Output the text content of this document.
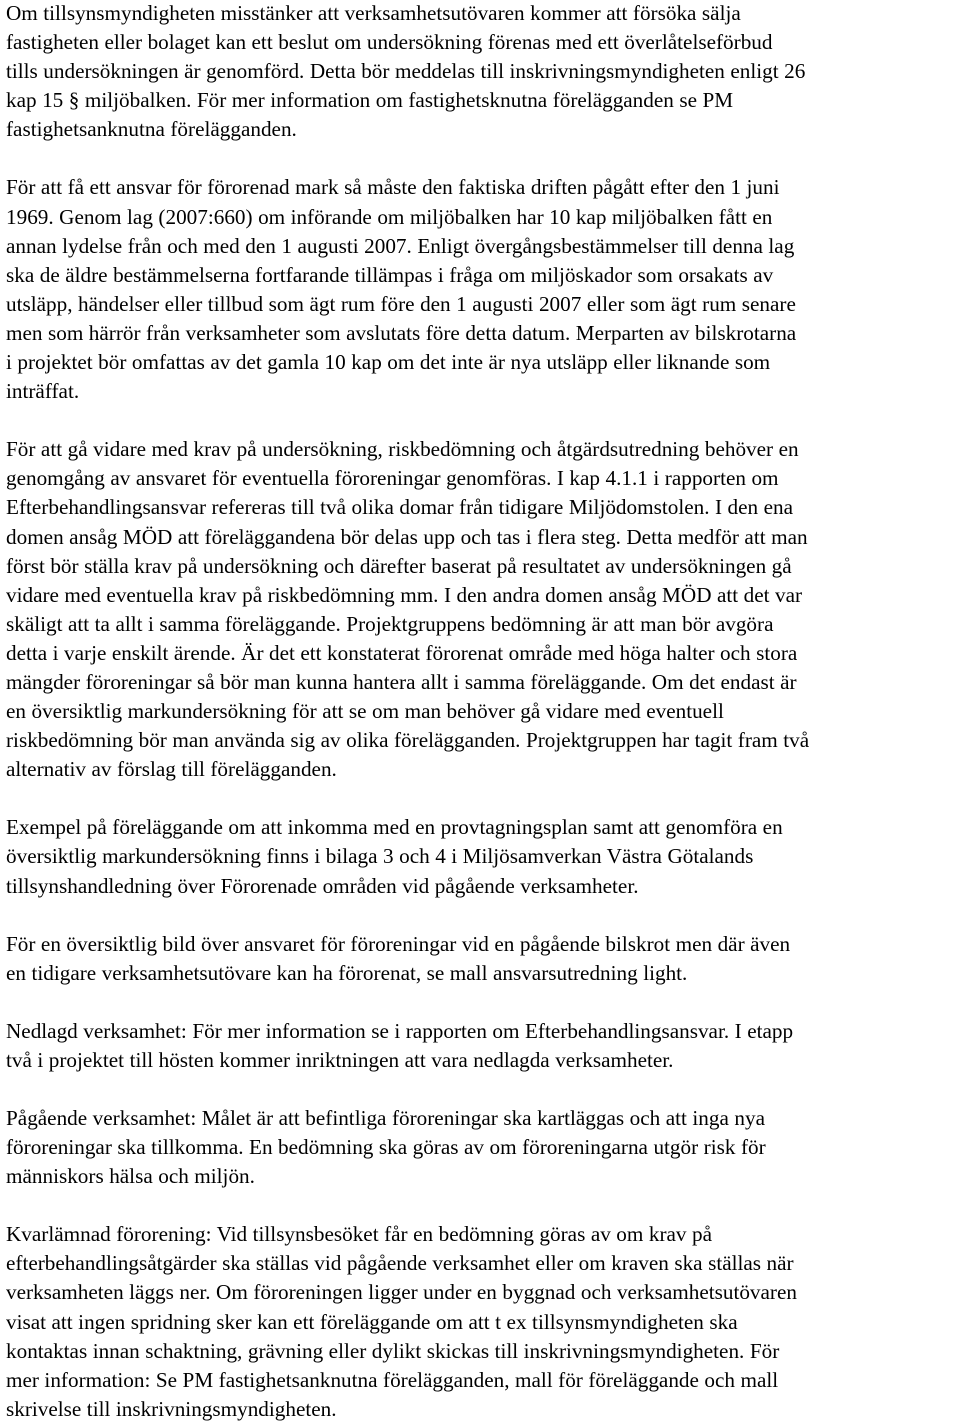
Om tillsynsmyndigheten misstänker att verksamhetsutövaren kommer att försöka sälja
fastigheten eller bolaget kan ett beslut om undersökning förenas med ett överlåtelseförbud
tills undersökningen är genomförd. Detta bör meddelas till inskrivningsmyndigheten enligt 26
kap 15 § miljöbalken. För mer information om fastighetsknutna förelägganden se PM
fastighetsanknutna förelägganden.

För att få ett ansvar för förorenad mark så måste den faktiska driften pågått efter den 1 juni
1969. Genom lag (2007:660) om införande om miljöbalken har 10 kap miljöbalken fått en
annan lydelse från och med den 1 augusti 2007. Enligt övergångsbestämmelser till denna lag
ska de äldre bestämmelserna fortfarande tillämpas i fråga om miljöskador som orsakats av
utsläpp, händelser eller tillbud som ägt rum före den 1 augusti 2007 eller som ägt rum senare
men som härrör från verksamheter som avslutats före detta datum. Merparten av bilskrotarna
i projektet bör omfattas av det gamla 10 kap om det inte är nya utsläpp eller liknande som
inträffat.

För att gå vidare med krav på undersökning, riskbedömning och åtgärdsutredning behöver en
genomgång av ansvaret för eventuella föroreningar genomföras. I kap 4.1.1 i rapporten om
Efterbehandlingsansvar refereras till två olika domar från tidigare Miljödomstolen. I den ena
domen ansåg MÖD att föreläggandena bör delas upp och tas i flera steg. Detta medför att man
först bör ställa krav på undersökning och därefter baserat på resultatet av undersökningen gå
vidare med eventuella krav på riskbedömning mm. I den andra domen ansåg MÖD att det var
skäligt att ta allt i samma föreläggande. Projektgruppens bedömning är att man bör avgöra
detta i varje enskilt ärende. Är det ett konstaterat förorenat område med höga halter och stora
mängder föroreningar så bör man kunna hantera allt i samma föreläggande. Om det endast är
en översiktlig markundersökning för att se om man behöver gå vidare med eventuell
riskbedömning bör man använda sig av olika förelägganden. Projektgruppen har tagit fram två
alternativ av förslag till förelägganden.

Exempel på föreläggande om att inkomma med en provtagningsplan samt att genomföra en
översiktlig markundersökning finns i bilaga 3 och 4 i Miljösamverkan Västra Götalands
tillsynshandledning över Förorenade områden vid pågående verksamheter.

För en översiktlig bild över ansvaret för föroreningar vid en pågående bilskrot men där även
en tidigare verksamhetsutövare kan ha förorenat, se mall ansvarsutredning light.

Nedlagd verksamhet: För mer information se i rapporten om Efterbehandlingsansvar. I etapp
två i projektet till hösten kommer inriktningen att vara nedlagda verksamheter.

Pågående verksamhet: Målet är att befintliga föroreningar ska kartläggas och att inga nya
föroreningar ska tillkomma. En bedömning ska göras av om föroreningarna utgör risk för
människors hälsa och miljön.

Kvarlämnad förorening: Vid tillsynsbesöket får en bedömning göras av om krav på
efterbehandlingsåtgärder ska ställas vid pågående verksamhet eller om kraven ska ställas när
verksamheten läggs ner. Om föroreningen ligger under en byggnad och verksamhetsutövaren
visat att ingen spridning sker kan ett föreläggande om att t ex tillsynsmyndigheten ska
kontaktas innan schaktning, grävning eller dylikt skickas till inskrivningsmyndigheten. För
mer information: Se PM fastighetsanknutna förelägganden, mall för föreläggande och mall
skrivelse till inskrivningsmyndigheten.
